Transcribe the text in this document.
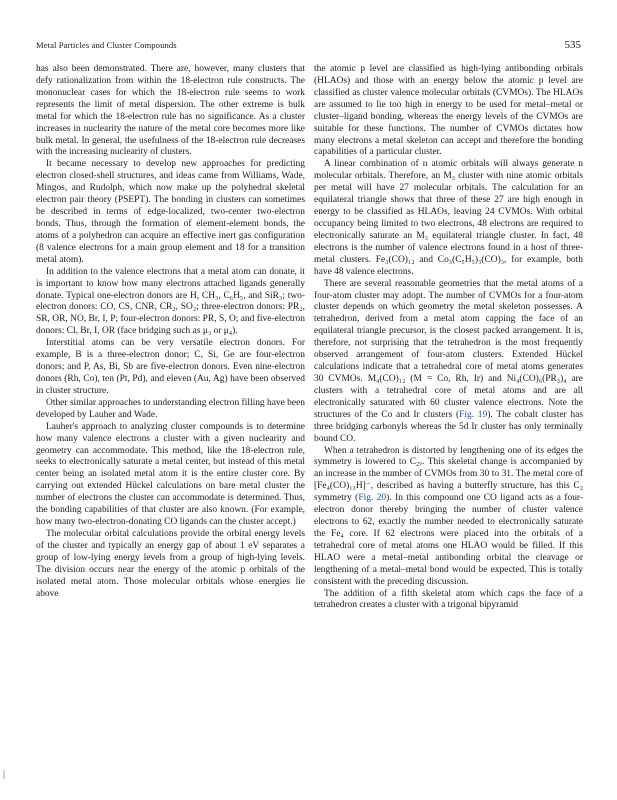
Metal Particles and Cluster Compounds	535

has also been demonstrated. There are, however, many clusters that defy rationalization from within the 18-electron rule constructs. The mononuclear cases for which the 18-electron rule seems to work represents the limit of metal dispersion. The other extreme is bulk metal for which the 18-electron rule has no significance. As a cluster increases in nuclearity the nature of the metal core becomes more like bulk metal. In general, the usefulness of the 18-electron rule decreases with the increasing nuclearity of clusters.

It became necessary to develop new approaches for predicting electron closed-shell structures, and ideas came from Williams, Wade, Mingos, and Rudolph, which now make up the polyhedral skeletal electron pair theory (PSEPT). The bonding in clusters can sometimes be described in terms of edge-localized, two-center two-electron bonds. Thus, through the formation of element-element bonds, the atoms of a polyhedron can acquire an effective inert gas configuration (8 valence electrons for a main group element and 18 for a transition metal atom).

In addition to the valence electrons that a metal atom can donate, it is important to know how many electrons attached ligands generally donate. Typical one-electron donors are H, CH₃, C₆H₅, and SiR₃; two-electron donors: CO, CS, CNR, CR₂, SO₂; three-electron donors: PR₂, SR, OR, NO, Br, I, P; four-electron donors: PR, S, O; and five-electron donors: Cl, Br, I, OR (face bridging such as μ₃ or μ₄).

Interstitial atoms can be very versatile electron donors. For example, B is a three-electron donor; C, Si, Ge are four-electron donors; and P, As, Bi, Sb are five-electron donors. Even nine-electron donors (Rh, Co), ten (Pt, Pd), and eleven (Au, Ag) have been observed in cluster structure.

Other similar approaches to understanding electron filling have been developed by Lauher and Wade.

Lauher's approach to analyzing cluster compounds is to determine how many valence electrons a cluster with a given nuclearity and geometry can accommodate. This method, like the 18-electron rule, seeks to electronically saturate a metal center, but instead of this metal center being an isolated metal atom it is the entire cluster core. By carrying out extended Hückel calculations on bare metal cluster the number of electrons the cluster can accommodate is determined. Thus, the bonding capabilities of that cluster are also known. (For example, how many two-electron-donating CO ligands can the cluster accept.)

The molecular orbital calculations provide the orbital energy levels of the cluster and typically an energy gap of about 1 eV separates a group of low-lying energy levels from a group of high-lying levels. The division occurs near the energy of the atomic p orbitals of the isolated metal atom. Those molecular orbitals whose energies lie above

the atomic p level are classified as high-lying antibonding orbitals (HLAOs) and those with an energy below the atomic p level are classified as cluster valence molecular orbitals (CVMOs). The HLAOs are assumed to lie too high in energy to be used for metal–metal or cluster–ligand bonding, whereas the energy levels of the CVMOs are suitable for these functions. The number of CVMOs dictates how many electrons a metal skeleton can accept and therefore the bonding capabilities of a particular cluster.

A linear combination of n atomic orbitals will always generate n molecular orbitals. Therefore, an M₃ cluster with nine atomic orbitals per metal will have 27 molecular orbitals. The calculation for an equilateral triangle shows that three of these 27 are high enough in energy to be classified as HLAOs, leaving 24 CVMOs. With orbital occupancy being limited to two electrons, 48 electrons are required to electronically saturate an M₃ equilateral triangle cluster. In fact, 48 electrons is the number of valence electrons found in a host of three-metal clusters. Fe₃(CO)₁₂ and Co₃(C₅H₅)₃(CO)₃, for example, both have 48 valence electrons.

There are several reasonable geometries that the metal atoms of a four-atom cluster may adopt. The number of CVMOs for a four-atom cluster depends on which geometry the metal skeleton possesses. A tetrahedron, derived from a metal atom capping the face of an equilateral triangle precursor, is the closest packed arrangement. It is, therefore, not surprising that the tetrahedron is the most frequently observed arrangement of four-atom clusters. Extended Hückel calculations indicate that a tetrahedral core of metal atoms generates 30 CVMOs. M₄(CO)₁₂ (M = Co, Rh, Ir) and Ni₄(CO)₆(PR₃)₄ are clusters with a tetrahedral core of metal atoms and are all electronically saturated with 60 cluster valence electrons. Note the structures of the Co and Ir clusters (Fig. 19). The cobalt cluster has three bridging carbonyls whereas the 5d Ir cluster has only terminally bound CO.

When a tetrahedron is distorted by lengthening one of its edges the symmetry is lowered to C₂ᵥ. This skeletal change is accompanied by an increase in the number of CVMOs from 30 to 31. The metal core of [Fe₄(CO)₁₃H]⁻, described as having a butterfly structure, has this C₂ symmetry (Fig. 20). In this compound one CO ligand acts as a four-electron donor thereby bringing the number of cluster valence electrons to 62, exactly the number needed to electronically saturate the Fe₄ core. If 62 electrons were placed into the orbitals of a tetrahedral core of metal atoms one HLAO would be filled. If this HLAO were a metal–metal antibonding orbital the cleavage or lengthening of a metal–metal bond would be expected. This is totally consistent with the preceding discussion.

The addition of a fifth skeletal atom which caps the face of a tetrahedron creates a cluster with a trigonal bipyramid
